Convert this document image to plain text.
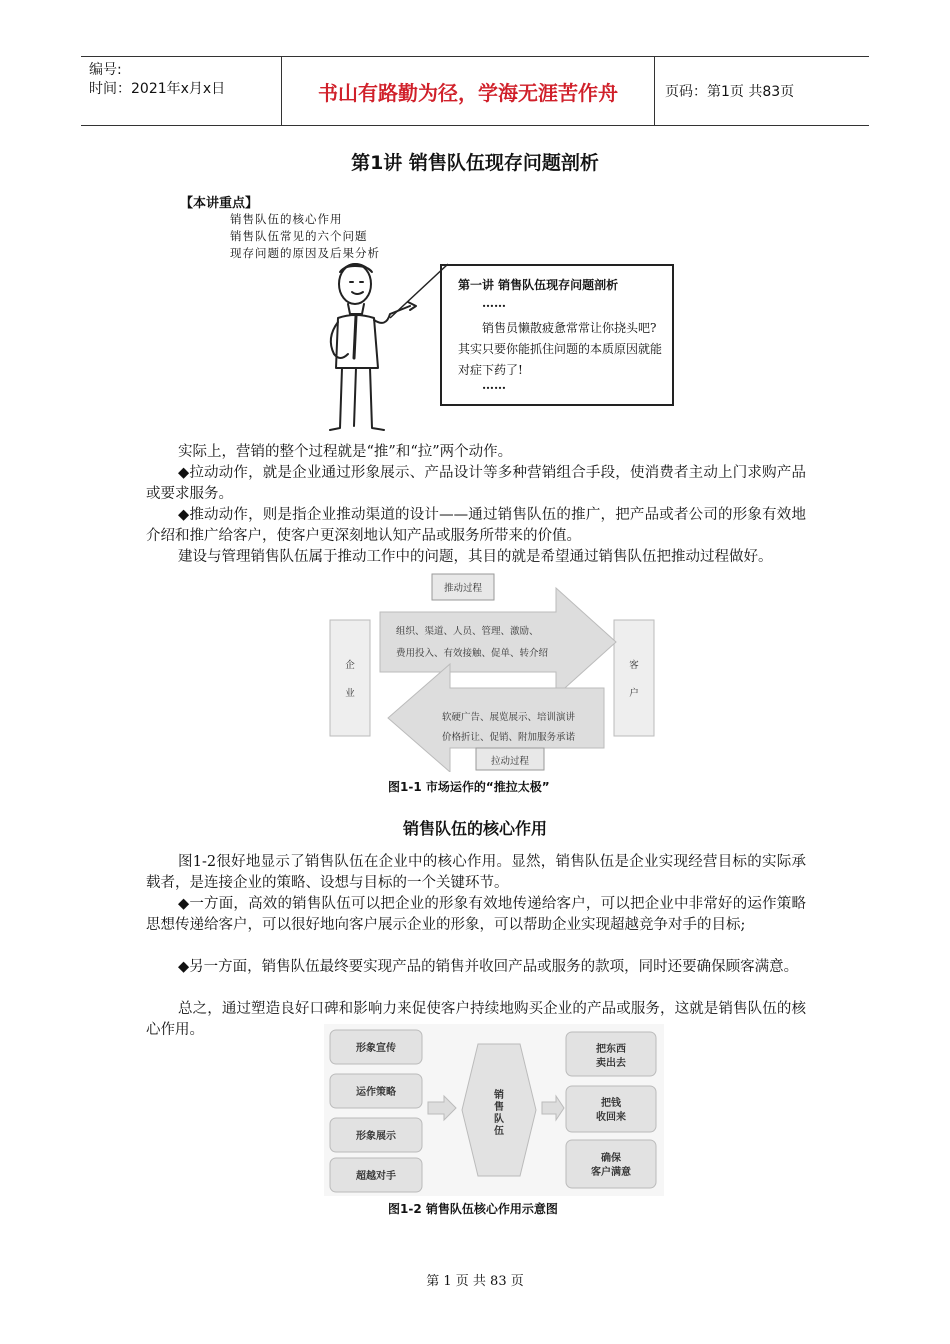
编号:
时间：2021年x月x日	书山有路勤为径，学海无涯苦作舟	页码：第1页 共83页
第1讲 销售队伍现存问题剖析
【本讲重点】
销售队伍的核心作用
销售队伍常见的六个问题
现存问题的原因及后果分析
第一讲 销售队伍现存问题剖析
……
销售员懒散疲惫常常让你挠头吧?其实只要你能抓住问题的本质原因就能对症下药了!
……
实际上，营销的整个过程就是“推”和“拉”两个动作。
◆拉动动作，就是企业通过形象展示、产品设计等多种营销组合手段，使消费者主动上门求购产品或要求服务。
◆推动动作，则是指企业推动渠道的设计——通过销售队伍的推广，把产品或者公司的形象有效地介绍和推广给客户，使客户更深刻地认知产品或服务所带来的价值。
建设与管理销售队伍属于推动工作中的问题，其目的就是希望通过销售队伍把推动过程做好。
推动过程
组织、渠道、人员、管理、激励、
费用投入、有效接触、促单、转介绍
软硬广告、展览展示、培训演讲
价格折让、促销、附加服务承诺
拉动过程
企
业
客
户
图1-1 市场运作的“推拉太极”
销售队伍的核心作用
图1-2很好地显示了销售队伍在企业中的核心作用。显然，销售队伍是企业实现经营目标的实际承载者，是连接企业的策略、设想与目标的一个关键环节。
◆一方面，高效的销售队伍可以把企业的形象有效地传递给客户，可以把企业中非常好的运作策略思想传递给客户，可以很好地向客户展示企业的形象，可以帮助企业实现超越竞争对手的目标;
◆另一方面，销售队伍最终要实现产品的销售并收回产品或服务的款项，同时还要确保顾客满意。
总之，通过塑造良好口碑和影响力来促使客户持续地购买企业的产品或服务，这就是销售队伍的核心作用。
形象宣传
运作策略
形象展示
超越对手
销
售
队
伍
把东西
卖出去
把钱
收回来
确保
客户满意
图1-2 销售队伍核心作用示意图
第 1 页 共 83 页
